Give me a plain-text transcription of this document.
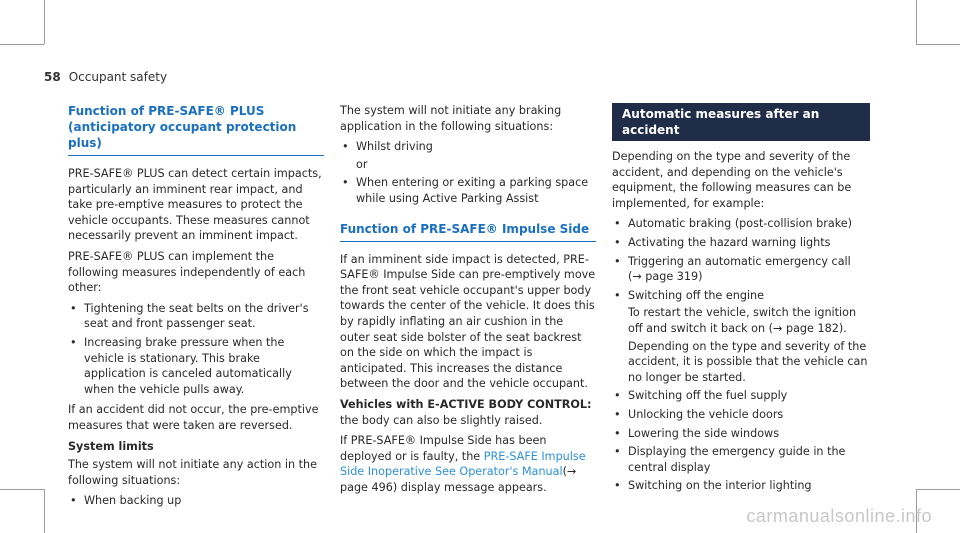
58 Occupant safety
Function of PRE-SAFE® PLUS (anticipatory occupant protection plus)

PRE-SAFE® PLUS can detect certain impacts, particularly an imminent rear impact, and take pre-emptive measures to protect the vehicle occupants. These measures cannot necessarily prevent an imminent impact.

PRE-SAFE® PLUS can implement the following measures independently of each other:

• Tightening the seat belts on the driver's seat and front passenger seat.
• Increasing brake pressure when the vehicle is stationary. This brake application is canceled automatically when the vehicle pulls away.

If an accident did not occur, the pre-emptive measures that were taken are reversed.

System limits

The system will not initiate any action in the following situations:

• When backing up

The system will not initiate any braking application in the following situations:

• Whilst driving
or
• When entering or exiting a parking space while using Active Parking Assist
Function of PRE-SAFE® Impulse Side

If an imminent side impact is detected, PRE-SAFE® Impulse Side can pre-emptively move the front seat vehicle occupant's upper body towards the center of the vehicle. It does this by rapidly inflating an air cushion in the outer seat side bolster of the seat backrest on the side on which the impact is anticipated. This increases the distance between the door and the vehicle occupant.

Vehicles with E-ACTIVE BODY CONTROL: the body can also be slightly raised.

If PRE-SAFE® Impulse Side has been deployed or is faulty, the PRE-SAFE Impulse Side Inoperative See Operator's Manual(→ page 496) display message appears.

Automatic measures after an accident

Depending on the type and severity of the accident, and depending on the vehicle's equipment, the following measures can be implemented, for example:

• Automatic braking (post-collision brake)
• Activating the hazard warning lights
• Triggering an automatic emergency call
(→ page 319)
• Switching off the engine
To restart the vehicle, switch the ignition off and switch it back on (→ page 182).
Depending on the type and severity of the accident, it is possible that the vehicle can no longer be started.
• Switching off the fuel supply
• Unlocking the vehicle doors
• Lowering the side windows
• Displaying the emergency guide in the central display
• Switching on the interior lighting
carmanualsonline.info
